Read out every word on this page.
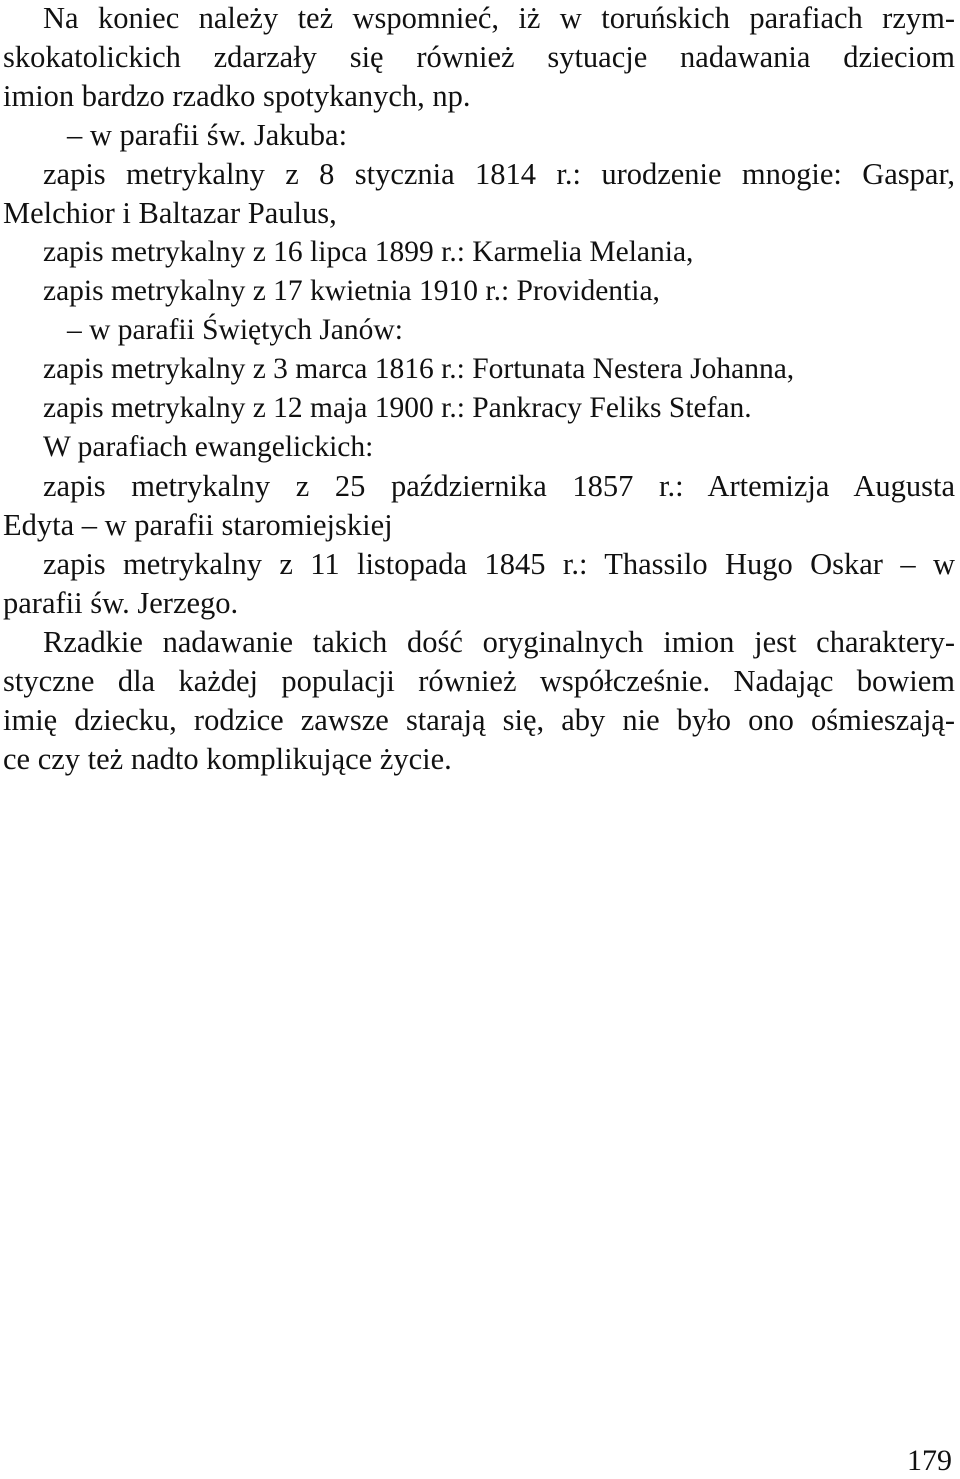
Na koniec należy też wspomnieć, iż w toruńskich parafiach rzym-
skokatolickich zdarzały się również sytuacje nadawania dzieciom
imion bardzo rzadko spotykanych, np.
– w parafii św. Jakuba:
zapis metrykalny z 8 stycznia 1814 r.: urodzenie mnogie: Gaspar,
Melchior i Baltazar Paulus,
zapis metrykalny z 16 lipca 1899 r.: Karmelia Melania,
zapis metrykalny z 17 kwietnia 1910 r.: Providentia,
– w parafii Świętych Janów:
zapis metrykalny z 3 marca 1816 r.: Fortunata Nestera Johanna,
zapis metrykalny z 12 maja 1900 r.: Pankracy Feliks Stefan.
W parafiach ewangelickich:
zapis metrykalny z 25 października 1857 r.: Artemizja Augusta
Edyta – w parafii staromiejskiej
zapis metrykalny z 11 listopada 1845 r.: Thassilo Hugo Oskar – w
parafii św. Jerzego.
Rzadkie nadawanie takich dość oryginalnych imion jest charaktery-
styczne dla każdej populacji również współcześnie. Nadając bowiem
imię dziecku, rodzice zawsze starają się, aby nie było ono ośmieszają-
ce czy też nadto komplikujące życie.
179
